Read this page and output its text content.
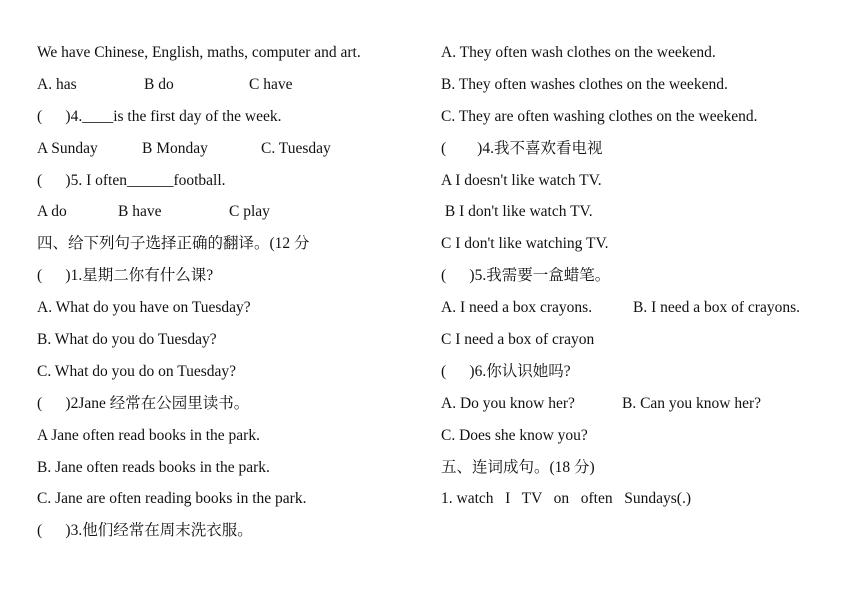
We have Chinese, English, maths, computer and art.

A. has

	B do

	C have

(      )4.____is the first day of the week.

A Sunday

	B Monday

	C. Tuesday

(      )5. I often______football.

A do

	B have

	C play

四、给下列句子选择正确的翻译。(12 分
(      )1.星期二你有什么课?
A. What do you have on Tuesday?
B. What do you do Tuesday?
C. What do you do on Tuesday?
(      )2Jane 经常在公园里读书。
A Jane often read books in the park.
B. Jane often reads books in the park.
C. Jane are often reading books in the park.
(      )3.他们经常在周末洗衣服。
A. They often wash clothes on the weekend.
B. They often washes clothes on the weekend.
C. They are often washing clothes on the weekend.
(        )4.我不喜欢看电视
A I doesn't like watch TV.
B I don't like watch TV.
C I don't like watching TV.
(      )5.我需要一盒蜡笔。

A. I need a box crayons.

	B. I need a box of crayons.

C I need a box of crayon
(      )6.你认识她吗?

A. Do you know her?

	B. Can you know her?

C. Does she know you?
五、连词成句。(18 分)
1. watch   I   TV   on   often   Sundays(.)
